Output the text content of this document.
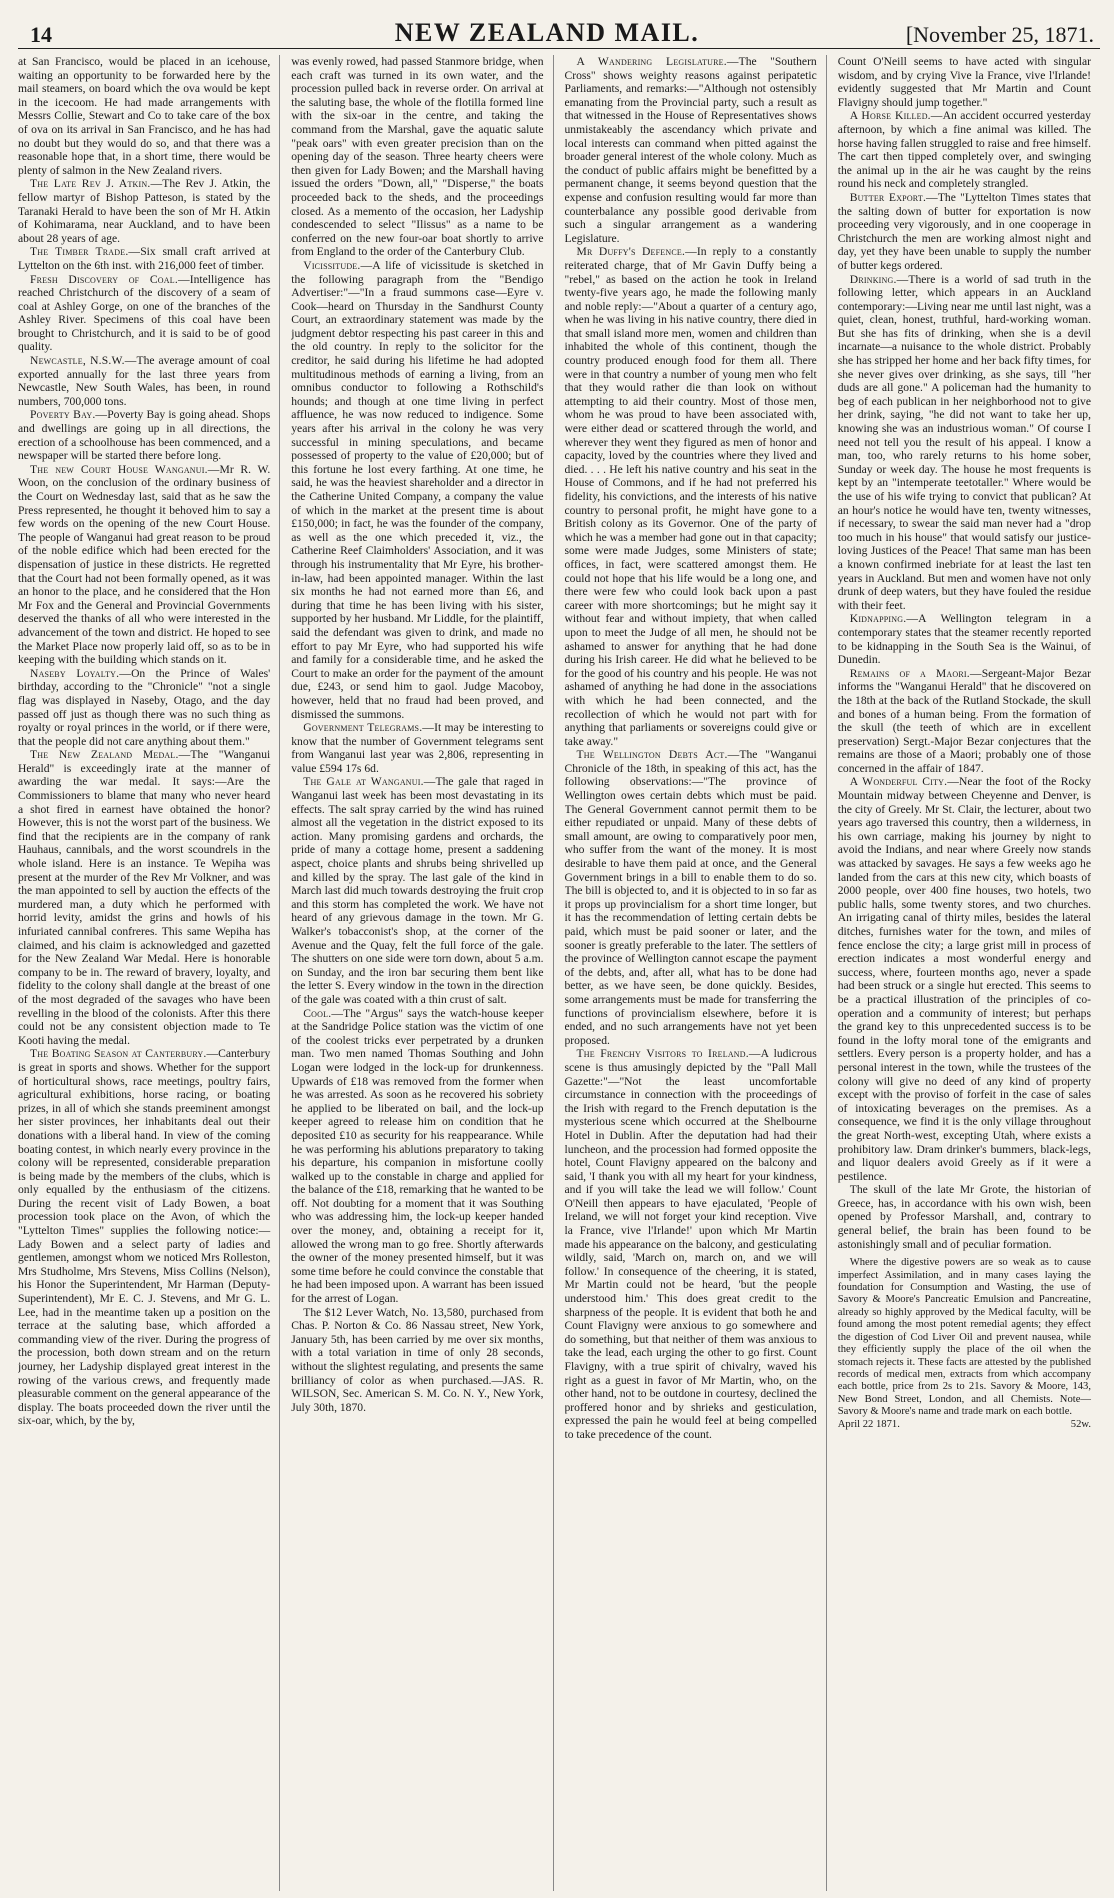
14	NEW ZEALAND MAIL.	[November 25, 1871.

at San Francisco, would be placed in an icehouse, waiting an opportunity to be forwarded here by the mail steamers, on board which the ova would be kept in the icecoom. He had made arrangements with Messrs Collie, Stewart and Co to take care of the box of ova on its arrival in San Francisco, and he has had no doubt but they would do so, and that there was a reasonable hope that, in a short time, there would be plenty of salmon in the New Zealand rivers.

The Late Rev J. Atkin.—The Rev J. Atkin, the fellow martyr of Bishop Patteson, is stated by the Taranaki Herald to have been the son of Mr H. Atkin of Kohimarama, near Auckland, and to have been about 28 years of age.

The Timber Trade.—Six small craft arrived at Lyttelton on the 6th inst. with 216,000 feet of timber.

Fresh Discovery of Coal.—Intelligence has reached Christchurch of the discovery of a seam of coal at Ashley Gorge, on one of the branches of the Ashley River. Specimens of this coal have been brought to Christchurch, and it is said to be of good quality.

Newcastle, N.S.W.—The average amount of coal exported annually for the last three years from Newcastle, New South Wales, has been, in round numbers, 700,000 tons.

Poverty Bay.—Poverty Bay is going ahead. Shops and dwellings are going up in all directions, the erection of a schoolhouse has been commenced, and a newspaper will be started there before long.

The new Court House Wanganui.—Mr R. W. Woon, on the conclusion of the ordinary business of the Court on Wednesday last, said that as he saw the Press represented, he thought it behoved him to say a few words on the opening of the new Court House. The people of Wanganui had great reason to be proud of the noble edifice which had been erected for the dispensation of justice in these districts. He regretted that the Court had not been formally opened, as it was an honor to the place, and he considered that the Hon Mr Fox and the General and Provincial Governments deserved the thanks of all who were interested in the advancement of the town and district. He hoped to see the Market Place now properly laid off, so as to be in keeping with the building which stands on it.

Naseby Loyalty.—On the Prince of Wales' birthday, according to the "Chronicle" "not a single flag was displayed in Naseby, Otago, and the day passed off just as though there was no such thing as royalty or royal princes in the world, or if there were, that the people did not care anything about them."

The New Zealand Medal.—The "Wanganui Herald" is exceedingly irate at the manner of awarding the war medal. It says:—Are the Commissioners to blame that many who never heard a shot fired in earnest have obtained the honor? However, this is not the worst part of the business. We find that the recipients are in the company of rank Hauhaus, cannibals, and the worst scoundrels in the whole island. Here is an instance. Te Wepiha was present at the murder of the Rev Mr Volkner, and was the man appointed to sell by auction the effects of the murdered man, a duty which he performed with horrid levity, amidst the grins and howls of his infuriated cannibal confreres. This same Wepiha has claimed, and his claim is acknowledged and gazetted for the New Zealand War Medal. Here is honorable company to be in. The reward of bravery, loyalty, and fidelity to the colony shall dangle at the breast of one of the most degraded of the savages who have been revelling in the blood of the colonists. After this there could not be any consistent objection made to Te Kooti having the medal.

The Boating Season at Canterbury.—Canterbury is great in sports and shows. Whether for the support of horticultural shows, race meetings, poultry fairs, agricultural exhibitions, horse racing, or boating prizes, in all of which she stands preeminent amongst her sister provinces, her inhabitants deal out their donations with a liberal hand. In view of the coming boating contest, in which nearly every province in the colony will be represented, considerable preparation is being made by the members of the clubs, which is only equalled by the enthusiasm of the citizens. During the recent visit of Lady Bowen, a boat procession took place on the Avon, of which the "Lyttelton Times" supplies the following notice:—Lady Bowen and a select party of ladies and gentlemen, amongst whom we noticed Mrs Rolleston, Mrs Studholme, Mrs Stevens, Miss Collins (Nelson), his Honor the Superintendent, Mr Harman (Deputy-Superintendent), Mr E. C. J. Stevens, and Mr G. L. Lee, had in the meantime taken up a position on the terrace at the saluting base, which afforded a commanding view of the river. During the progress of the procession, both down stream and on the return journey, her Ladyship displayed great interest in the rowing of the various crews, and frequently made pleasurable comment on the general appearance of the display. The boats proceeded down the river until the six-oar, which, by the by,

was evenly rowed, had passed Stanmore bridge, when each craft was turned in its own water, and the procession pulled back in reverse order. On arrival at the saluting base, the whole of the flotilla formed line with the six-oar in the centre, and taking the command from the Marshal, gave the aquatic salute "peak oars" with even greater precision than on the opening day of the season. Three hearty cheers were then given for Lady Bowen; and the Marshall having issued the orders "Down, all," "Disperse," the boats proceeded back to the sheds, and the proceedings closed. As a memento of the occasion, her Ladyship condescended to select "Ilissus" as a name to be conferred on the new four-oar boat shortly to arrive from England to the order of the Canterbury Club.

Vicissitude.—A life of vicissitude is sketched in the following paragraph from the "Bendigo Advertiser:"—"In a fraud summons case—Eyre v. Cook—heard on Thursday in the Sandhurst County Court, an extraordinary statement was made by the judgment debtor respecting his past career in this and the old country. In reply to the solicitor for the creditor, he said during his lifetime he had adopted multitudinous methods of earning a living, from an omnibus conductor to following a Rothschild's hounds; and though at one time living in perfect affluence, he was now reduced to indigence. Some years after his arrival in the colony he was very successful in mining speculations, and became possessed of property to the value of £20,000; but of this fortune he lost every farthing. At one time, he said, he was the heaviest shareholder and a director in the Catherine United Company, a company the value of which in the market at the present time is about £150,000; in fact, he was the founder of the company, as well as the one which preceded it, viz., the Catherine Reef Claimholders' Association, and it was through his instrumentality that Mr Eyre, his brother-in-law, had been appointed manager. Within the last six months he had not earned more than £6, and during that time he has been living with his sister, supported by her husband. Mr Liddle, for the plaintiff, said the defendant was given to drink, and made no effort to pay Mr Eyre, who had supported his wife and family for a considerable time, and he asked the Court to make an order for the payment of the amount due, £243, or send him to gaol. Judge Macoboy, however, held that no fraud had been proved, and dismissed the summons.

Government Telegrams.—It may be interesting to know that the number of Government telegrams sent from Wanganui last year was 2,806, representing in value £594 17s 6d.

The Gale at Wanganui.—The gale that raged in Wanganui last week has been most devastating in its effects. The salt spray carried by the wind has ruined almost all the vegetation in the district exposed to its action. Many promising gardens and orchards, the pride of many a cottage home, present a saddening aspect, choice plants and shrubs being shrivelled up and killed by the spray. The last gale of the kind in March last did much towards destroying the fruit crop and this storm has completed the work. We have not heard of any grievous damage in the town. Mr G. Walker's tobacconist's shop, at the corner of the Avenue and the Quay, felt the full force of the gale. The shutters on one side were torn down, about 5 a.m. on Sunday, and the iron bar securing them bent like the letter S. Every window in the town in the direction of the gale was coated with a thin crust of salt.

Cool.—The "Argus" says the watch-house keeper at the Sandridge Police station was the victim of one of the coolest tricks ever perpetrated by a drunken man. Two men named Thomas Southing and John Logan were lodged in the lock-up for drunkenness. Upwards of £18 was removed from the former when he was arrested. As soon as he recovered his sobriety he applied to be liberated on bail, and the lock-up keeper agreed to release him on condition that he deposited £10 as security for his reappearance. While he was performing his ablutions preparatory to taking his departure, his companion in misfortune coolly walked up to the constable in charge and applied for the balance of the £18, remarking that he wanted to be off. Not doubting for a moment that it was Southing who was addressing him, the lock-up keeper handed over the money, and, obtaining a receipt for it, allowed the wrong man to go free. Shortly afterwards the owner of the money presented himself, but it was some time before he could convince the constable that he had been imposed upon. A warrant has been issued for the arrest of Logan.

The $12 Lever Watch, No. 13,580, purchased from Chas. P. Norton & Co. 86 Nassau street, New York, January 5th, has been carried by me over six months, with a total variation in time of only 28 seconds, without the slightest regulating, and presents the same brilliancy of color as when purchased.—JAS. R. WILSON, Sec. American S. M. Co. N. Y., New York, July 30th, 1870.

A Wandering Legislature.—The "Southern Cross" shows weighty reasons against peripatetic Parliaments, and remarks:—"Although not ostensibly emanating from the Provincial party, such a result as that witnessed in the House of Representatives shows unmistakeably the ascendancy which private and local interests can command when pitted against the broader general interest of the whole colony. Much as the conduct of public affairs might be benefitted by a permanent change, it seems beyond question that the expense and confusion resulting would far more than counterbalance any possible good derivable from such a singular arrangement as a wandering Legislature.

Mr Duffy's Defence.—In reply to a constantly reiterated charge, that of Mr Gavin Duffy being a "rebel," as based on the action he took in Ireland twenty-five years ago, he made the following manly and noble reply:—"About a quarter of a century ago, when he was living in his native country, there died in that small island more men, women and children than inhabited the whole of this continent, though the country produced enough food for them all. There were in that country a number of young men who felt that they would rather die than look on without attempting to aid their country. Most of those men, whom he was proud to have been associated with, were either dead or scattered through the world, and wherever they went they figured as men of honor and capacity, loved by the countries where they lived and died. . . . He left his native country and his seat in the House of Commons, and if he had not preferred his fidelity, his convictions, and the interests of his native country to personal profit, he might have gone to a British colony as its Governor. One of the party of which he was a member had gone out in that capacity; some were made Judges, some Ministers of state; offices, in fact, were scattered amongst them. He could not hope that his life would be a long one, and there were few who could look back upon a past career with more shortcomings; but he might say it without fear and without impiety, that when called upon to meet the Judge of all men, he should not be ashamed to answer for anything that he had done during his Irish career. He did what he believed to be for the good of his country and his people. He was not ashamed of anything he had done in the associations with which he had been connected, and the recollection of which he would not part with for anything that parliaments or sovereigns could give or take away."

The Wellington Debts Act.—The "Wanganui Chronicle of the 18th, in speaking of this act, has the following observations:—"The province of Wellington owes certain debts which must be paid. The General Government cannot permit them to be either repudiated or unpaid. Many of these debts of small amount, are owing to comparatively poor men, who suffer from the want of the money. It is most desirable to have them paid at once, and the General Government brings in a bill to enable them to do so. The bill is objected to, and it is objected to in so far as it props up provincialism for a short time longer, but it has the recommendation of letting certain debts be paid, which must be paid sooner or later, and the sooner is greatly preferable to the later. The settlers of the province of Wellington cannot escape the payment of the debts, and, after all, what has to be done had better, as we have seen, be done quickly. Besides, some arrangements must be made for transferring the functions of provincialism elsewhere, before it is ended, and no such arrangements have not yet been proposed.

The Frenchy Visitors to Ireland.—A ludicrous scene is thus amusingly depicted by the "Pall Mall Gazette:"—"Not the least uncomfortable circumstance in connection with the proceedings of the Irish with regard to the French deputation is the mysterious scene which occurred at the Shelbourne Hotel in Dublin. After the deputation had had their luncheon, and the procession had formed opposite the hotel, Count Flavigny appeared on the balcony and said, 'I thank you with all my heart for your kindness, and if you will take the lead we will follow.' Count O'Neill then appears to have ejaculated, 'People of Ireland, we will not forget your kind reception. Vive la France, vive l'Irlande!' upon which Mr Martin made his appearance on the balcony, and gesticulating wildly, said, 'March on, march on, and we will follow.' In consequence of the cheering, it is stated, Mr Martin could not be heard, 'but the people understood him.' This does great credit to the sharpness of the people. It is evident that both he and Count Flavigny were anxious to go somewhere and do something, but that neither of them was anxious to take the lead, each urging the other to go first. Count Flavigny, with a true spirit of chivalry, waved his right as a guest in favor of Mr Martin, who, on the other hand, not to be outdone in courtesy, declined the proffered honor and by shrieks and gesticulation, expressed the pain he would feel at being compelled to take precedence of the count.

Count O'Neill seems to have acted with singular wisdom, and by crying Vive la France, vive l'Irlande! evidently suggested that Mr Martin and Count Flavigny should jump together."

A Horse Killed.—An accident occurred yesterday afternoon, by which a fine animal was killed. The horse having fallen struggled to raise and free himself. The cart then tipped completely over, and swinging the animal up in the air he was caught by the reins round his neck and completely strangled.

Butter Export.—The "Lyttelton Times states that the salting down of butter for exportation is now proceeding very vigorously, and in one cooperage in Christchurch the men are working almost night and day, yet they have been unable to supply the number of butter kegs ordered.

Drinking.—There is a world of sad truth in the following letter, which appears in an Auckland contemporary:—Living near me until last night, was a quiet, clean, honest, truthful, hard-working woman. But she has fits of drinking, when she is a devil incarnate—a nuisance to the whole district. Probably she has stripped her home and her back fifty times, for she never gives over drinking, as she says, till "her duds are all gone." A policeman had the humanity to beg of each publican in her neighborhood not to give her drink, saying, "he did not want to take her up, knowing she was an industrious woman." Of course I need not tell you the result of his appeal. I know a man, too, who rarely returns to his home sober, Sunday or week day. The house he most frequents is kept by an "intemperate teetotaller." Where would be the use of his wife trying to convict that publican? At an hour's notice he would have ten, twenty witnesses, if necessary, to swear the said man never had a "drop too much in his house" that would satisfy our justice-loving Justices of the Peace! That same man has been a known confirmed inebriate for at least the last ten years in Auckland. But men and women have not only drunk of deep waters, but they have fouled the residue with their feet.

Kidnapping.—A Wellington telegram in a contemporary states that the steamer recently reported to be kidnapping in the South Sea is the Wainui, of Dunedin.

Remains of a Maori.—Sergeant-Major Bezar informs the "Wanganui Herald" that he discovered on the 18th at the back of the Rutland Stockade, the skull and bones of a human being. From the formation of the skull (the teeth of which are in excellent preservation) Sergt.-Major Bezar conjectures that the remains are those of a Maori; probably one of those concerned in the affair of 1847.

A Wonderful City.—Near the foot of the Rocky Mountain midway between Cheyenne and Denver, is the city of Greely. Mr St. Clair, the lecturer, about two years ago traversed this country, then a wilderness, in his own carriage, making his journey by night to avoid the Indians, and near where Greely now stands was attacked by savages. He says a few weeks ago he landed from the cars at this new city, which boasts of 2000 people, over 400 fine houses, two hotels, two public halls, some twenty stores, and two churches. An irrigating canal of thirty miles, besides the lateral ditches, furnishes water for the town, and miles of fence enclose the city; a large grist mill in process of erection indicates a most wonderful energy and success, where, fourteen months ago, never a spade had been struck or a single hut erected. This seems to be a practical illustration of the principles of co-operation and a community of interest; but perhaps the grand key to this unprecedented success is to be found in the lofty moral tone of the emigrants and settlers. Every person is a property holder, and has a personal interest in the town, while the trustees of the colony will give no deed of any kind of property except with the proviso of forfeit in the case of sales of intoxicating beverages on the premises. As a consequence, we find it is the only village throughout the great North-west, excepting Utah, where exists a prohibitory law. Dram drinker's bummers, black-legs, and liquor dealers avoid Greely as if it were a pestilence.

The skull of the late Mr Grote, the historian of Greece, has, in accordance with his own wish, been opened by Professor Marshall, and, contrary to general belief, the brain has been found to be astonishingly small and of peculiar formation.

Where the digestive powers are so weak as to cause imperfect Assimilation, and in many cases laying the foundation for Consumption and Wasting, the use of Savory & Moore's Pancreatic Emulsion and Pancreatine, already so highly approved by the Medical faculty, will be found among the most potent remedial agents; they effect the digestion of Cod Liver Oil and prevent nausea, while they efficiently supply the place of the oil when the stomach rejects it. These facts are attested by the published records of medical men, extracts from which accompany each bottle, price from 2s to 21s. Savory & Moore, 143, New Bond Street, London, and all Chemists. Note—Savory & Moore's name and trade mark on each bottle.

April 22 1871.	52w.
